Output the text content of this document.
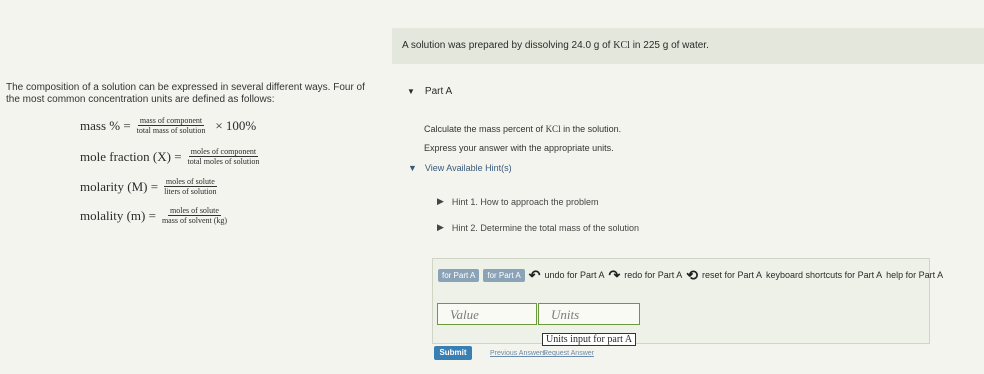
A solution was prepared by dissolving 24.0 g of KCl in 225 g of water.
The composition of a solution can be expressed in several different ways. Four of the most common concentration units are defined as follows:
mass % = $\frac{\text{mass of component}}{\text{total mass of solution}} \times 100\%$
mole fraction $(X) = \frac{\text{moles of component}}{\text{total moles of solution}}$
molarity $(M) = \frac{\text{moles of solute}}{\text{liters of solution}}$
molality $(m) = \frac{\text{moles of solute}}{\text{mass of solvent (kg)}}$
▼ Part A
Calculate the mass percent of KCl in the solution.
Express your answer with the appropriate units.
▼ View Available Hint(s)
▶ Hint 1. How to approach the problem
▶ Hint 2. Determine the total mass of the solution
for Part A	for Part A ↶ undo for Part A ↷ redo for Part A ⟲ reset for Part A keyboard shortcuts for Part A help for Part A
Value	Units
Units input for part A
Submit	Previous Answers
Request Answer
